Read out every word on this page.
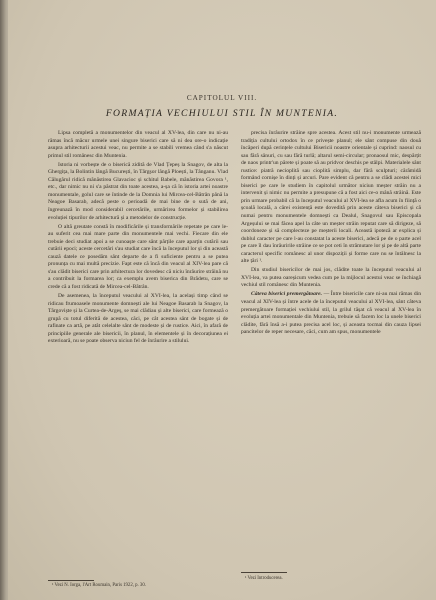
CAPITOLUL VIII.
FORMAȚIA VECHIULUI STIL ÎN MUNTENIA.

Lipsa completă a monumentelor din veacul al XV-lea, din care nu ni-au rămas încă măcur urmele unei singure biserici care să ni dea ore-o indicație asupra arhitecturii acestui veac, nu permite a se stabili vremea când s'a născut primul stil românesc din Muntenia.

Istoria ni vorbește de o biserică zidită de Vlad Țepeș la Snagov, de alta la Ghergița, la Bolintin lângă București, în Târgșor lângă Ploești, la Tânganu. Vlad Călugărul ridică mănăstirea Glavacioc și schitul Babele, mănăstirea Govora ¹, etc., dar nimic nu ni s'a păstrat din toate acestea, a-șa că în istoria artei noastre monumentale, golul care se întinde de la Domnia lui Mircea-cel-Bătrân până la Neagoe Basarab, adecă peste o perioadă de mai bine de o sută de ani, îngreunază în mod considerabil cercetările, urmărirea formelor și stabilirea evoluției tipurilor de arhitectură și a metodelor de construcție.

O altă greutate constă în modificările și transformările repetate pe care le-au suferit cea mai mare parte din monumentele mai vechi. Fiecare din ele trebuie deci studiat apoi a se cunoaște care sânt părțile care aparțin cutării sau cutării epoci; aceste cercetări s'au studiat care încă la începutul lor și din această cauză datele ce posedăm sânt departe de a fi suficiente pentru a se putea pronunța cu mai multă precizie. Fapt este că încă din veacul al XIV-lea pare că s'au clădit biserici care prin arhitectura lor dovedesc că niciu înrâurire străină nu a contribuit la formarea lor; ca exemplu avem biserica din Brădetu, care se crede că a fost ridicată de Mircea-cel-Bătrân.

De asemenea, la începutul veacului al XVI-lea, la același timp când se ridicau frumoasele monumente domnești ale lui Neagoe Basarab la Snagov, la Târgoviște și la Curtea-de-Argeș, se mai clădiau și alte biserici, care formează o grupă cu totul diferită de acestea, căci, pe cât acestea sânt de bogate și de rafinate ca artă, pe atât celelalte sânt de modeste și de rustice. Aici, în afară de principiile generale ale bisericii, în planul, în elementele și în decorațiunea ei exterioară, nu se poate observa niciun fel de înrâurire a stilului.

precisa înrâurire străine spre acestea. Acest stil nu-i monumente urmează tradiția cultului ortodox în ce privește planul; ele sânt compuse din două încăperi după cerințele cultului Bisericii noastre orientale și cuprind: naosul cu sau fără sânuri, cu sau fără turlă; altarul semi-circular; pronaosul mic, despărțit de naos printr'un părete și poate să au pridvor deschis pe stâlpi. Materialele sânt rustice: piatră necioplită sau cioplită simplu, dar fără sculpturi; cărămidă formând cornișe în dinți și arcuri. Pare evident că pentru a se clădi acestei mici biserici pe care le studiem în capitolul următor niciun meșter străin nu a intervenit și nimic nu permite a presupune că a fost aici ce-o mână străină. Este prin urmare probabil că la începutul veacului al XVI-lea se afla acum în ființă o școală locală, a cărei existență este dovedită prin aceste câteva biserici și că numai pentru monumentele domnești ca Dealul, Snagovul sau Episcopala Argeșului se mai făcea apel la câte un meșter străin reputat care să dirigeze, să coordoneze și să complecteze pe meșterii locali. Această ipoteză ar explica și dublul caracter pe care l-au constatat la aceste biserici, adecă pe de o parte acel pe care îl dau înrâuririle străine ce se pot ceti în strămutare lor și pe de altă parte caracterul specific românesc al unor dispoziții și forme care nu se întâlnesc la alte țări ¹.

Din studiul bisericilor de mai jos, clădite toate la începutul veacului al XVI-lea, va putea oareșicum vedea cum pe la mijlocul acestui veac se închiagă vechiul stil românesc din Muntenia.

Câteva biserici premergătoare. — Între bisericile care ni-au mai rămas din veacul al XIV-lea și între acele de la începutul veacului al XVI-lea, sânt câteva premergătoare formației vechiului stil, la grilul tășat că veacul al XV-lea în evoluția artei monumentale din Muntenia, trebuie să facem loc la unele biserici clădite, fără însă a-i putea precisa acel loc, și aceasta tocmai din cauza lipsei pancitelor de reper necesare, căci, cum am spus, monumentele

¹ Vezi N. Iorga, l'Art Roumain, Paris 1922, p. 30.
¹ Vezi Introducerea.
